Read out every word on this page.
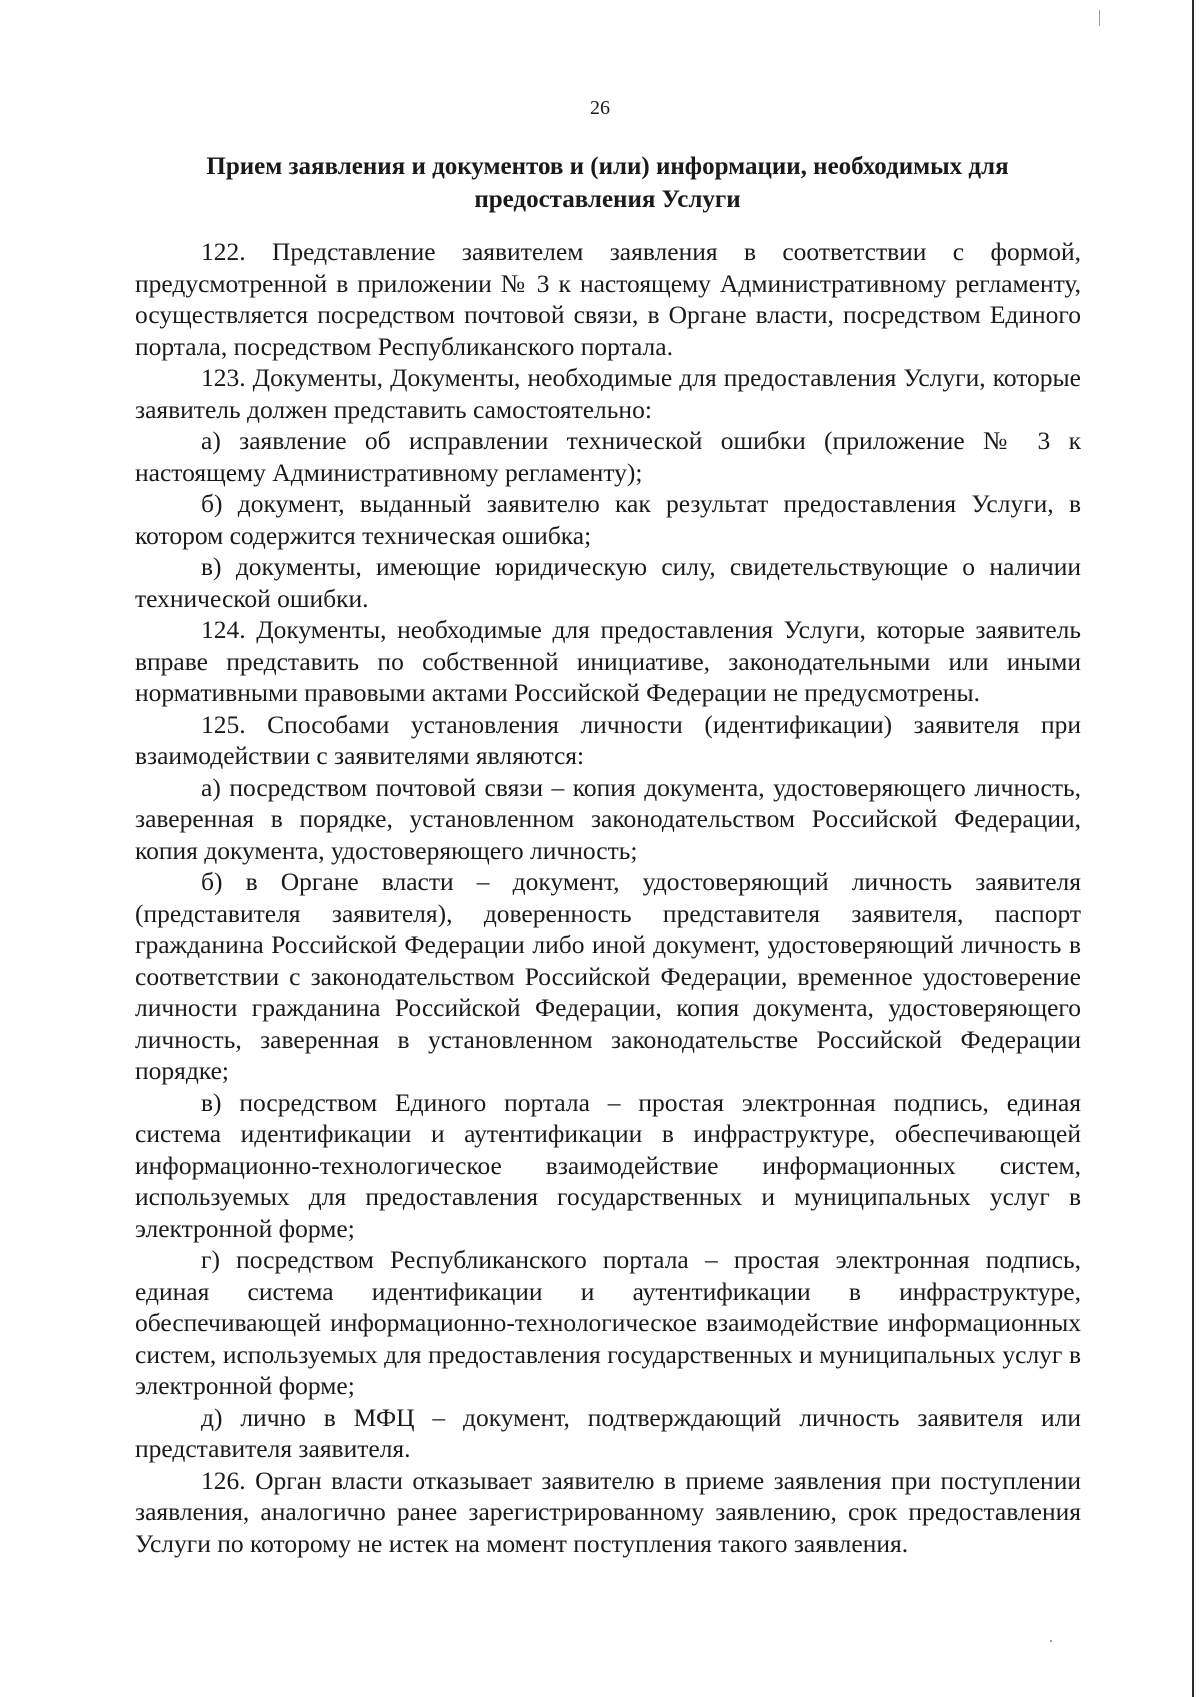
26
Прием заявления и документов и (или) информации, необходимых для предоставления Услуги

122. Представление заявителем заявления в соответствии с формой, предусмотренной в приложении № 3 к настоящему Административному регламенту, осуществляется посредством почтовой связи, в Органе власти, посредством Единого портала, посредством Республиканского портала.

123. Документы, Документы, необходимые для предоставления Услуги, которые заявитель должен представить самостоятельно:

а) заявление об исправлении технической ошибки (приложение № 3 к настоящему Административному регламенту);

б) документ, выданный заявителю как результат предоставления Услуги, в котором содержится техническая ошибка;

в) документы, имеющие юридическую силу, свидетельствующие о наличии технической ошибки.

124. Документы, необходимые для предоставления Услуги, которые заявитель вправе представить по собственной инициативе, законодательными или иными нормативными правовыми актами Российской Федерации не предусмотрены.

125. Способами установления личности (идентификации) заявителя при взаимодействии с заявителями являются:

а) посредством почтовой связи – копия документа, удостоверяющего личность, заверенная в порядке, установленном законодательством Российской Федерации, копия документа, удостоверяющего личность;

б) в Органе власти – документ, удостоверяющий личность заявителя (представителя заявителя), доверенность представителя заявителя, паспорт гражданина Российской Федерации либо иной документ, удостоверяющий личность в соответствии с законодательством Российской Федерации, временное удостоверение личности гражданина Российской Федерации, копия документа, удостоверяющего личность, заверенная в установленном законодательстве Российской Федерации порядке;

в) посредством Единого портала – простая электронная подпись, единая система идентификации и аутентификации в инфраструктуре, обеспечивающей информационно-технологическое взаимодействие информационных систем, используемых для предоставления государственных и муниципальных услуг в электронной форме;

г) посредством Республиканского портала – простая электронная подпись, единая система идентификации и аутентификации в инфраструктуре, обеспечивающей информационно-технологическое взаимодействие информационных систем, используемых для предоставления государственных и муниципальных услуг в электронной форме;

д) лично в МФЦ – документ, подтверждающий личность заявителя или представителя заявителя.

126. Орган власти отказывает заявителю в приеме заявления при поступлении заявления, аналогично ранее зарегистрированному заявлению, срок предоставления Услуги по которому не истек на момент поступления такого заявления.
